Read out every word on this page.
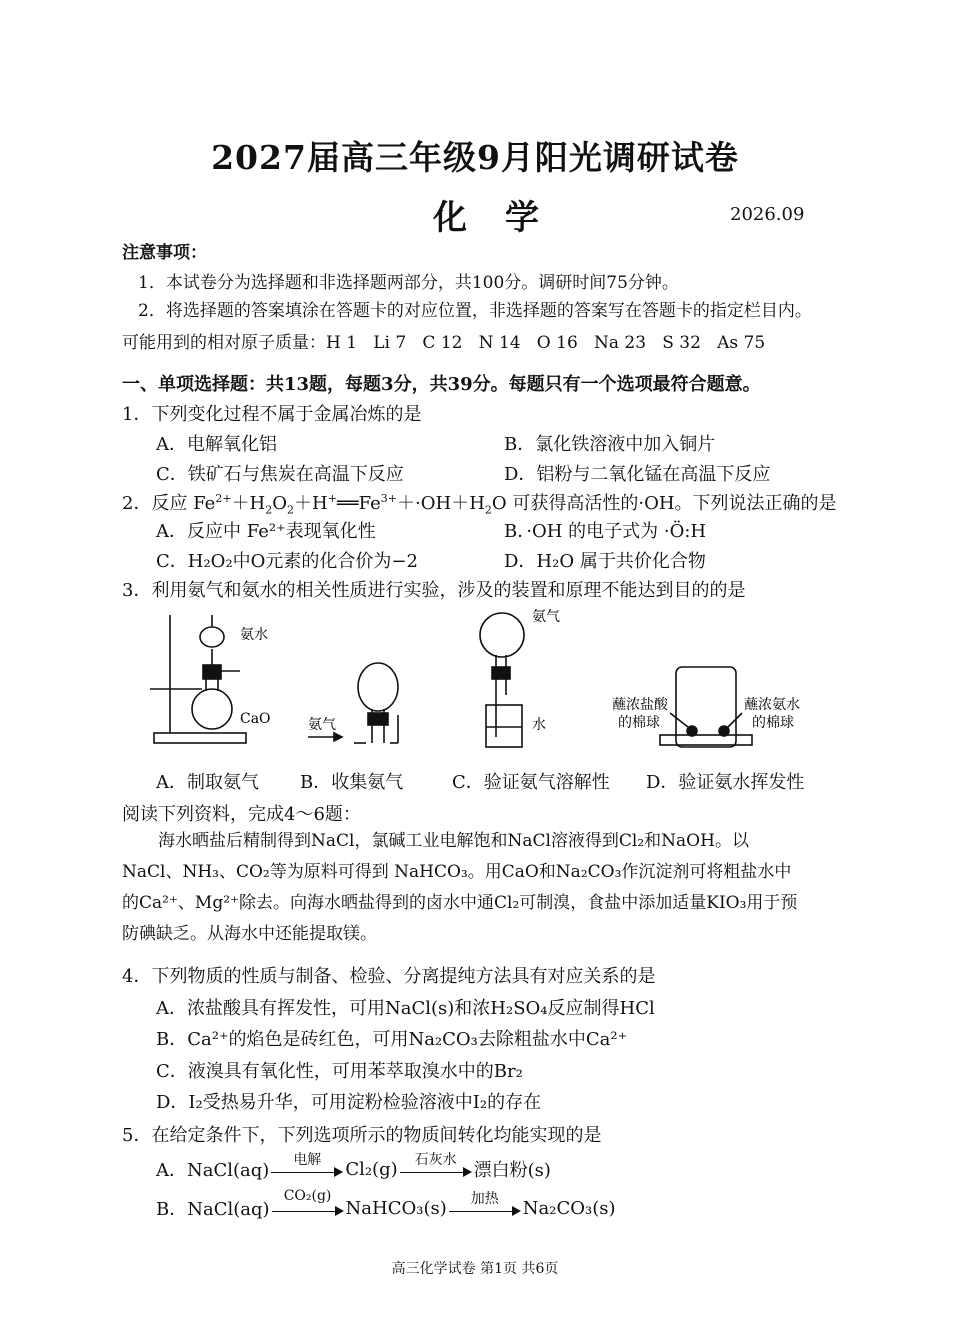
2027届高三年级9月阳光调研试卷
化学	2026.09
注意事项：
1．本试卷分为选择题和非选择题两部分，共100分。调研时间75分钟。
2．将选择题的答案填涂在答题卡的对应位置，非选择题的答案写在答题卡的指定栏目内。
可能用到的相对原子质量：H 1   Li 7   C 12   N 14   O 16   Na 23   S 32   As 75
一、单项选择题：共13题，每题3分，共39分。每题只有一个选项最符合题意。
1．下列变化过程不属于金属冶炼的是
A．电解氧化铝	B．氯化铁溶液中加入铜片
C．铁矿石与焦炭在高温下反应	D．铝粉与二氧化锰在高温下反应
2．反应 $Fe^{2+}+H_2O_2+H^+══Fe^{3+}+\cdot OH+H_2O$ 可获得高活性的·OH。下列说法正确的是
A．反应中 Fe²⁺表现氧化性	B．·OH 的电子式为 ·Ö:H
C．H₂O₂中O元素的化合价为−2	D．H₂O 属于共价化合物
3．利用氨气和氨水的相关性质进行实验，涉及的装置和原理不能达到目的的是
氨水
CaO	氨气
氨气
水
蘸浓盐酸
的棉球
蘸浓氨水
的棉球
A．制取氨气 B．收集氨气	C．验证氨气溶解性 D．验证氨水挥发性
阅读下列资料，完成4～6题：
海水晒盐后精制得到NaCl，氯碱工业电解饱和NaCl溶液得到Cl₂和NaOH。以NaCl、NH₃、CO₂等为原料可得到 NaHCO₃。用CaO和Na₂CO₃作沉淀剂可将粗盐水中的Ca²⁺、Mg²⁺除去。向海水晒盐得到的卤水中通Cl₂可制溴，食盐中添加适量KIO₃用于预防碘缺乏。从海水中还能提取镁。
4．下列物质的性质与制备、检验、分离提纯方法具有对应关系的是
A．浓盐酸具有挥发性，可用NaCl(s)和浓H₂SO₄反应制得HCl
B．Ca²⁺的焰色是砖红色，可用Na₂CO₃去除粗盐水中Ca²⁺
C．液溴具有氧化性，可用苯萃取溴水中的Br₂
D．I₂受热易升华，可用淀粉检验溶液中I₂的存在
5．在给定条件下，下列选项所示的物质间转化均能实现的是
A．NaCl(aq)	电解	Cl₂(g)	石灰水 漂白粉(s)
B．NaCl(aq)
CO₂(g)
NaHCO₃(s)	加热	Na₂CO₃(s)
高三化学试卷 第1页 共6页
